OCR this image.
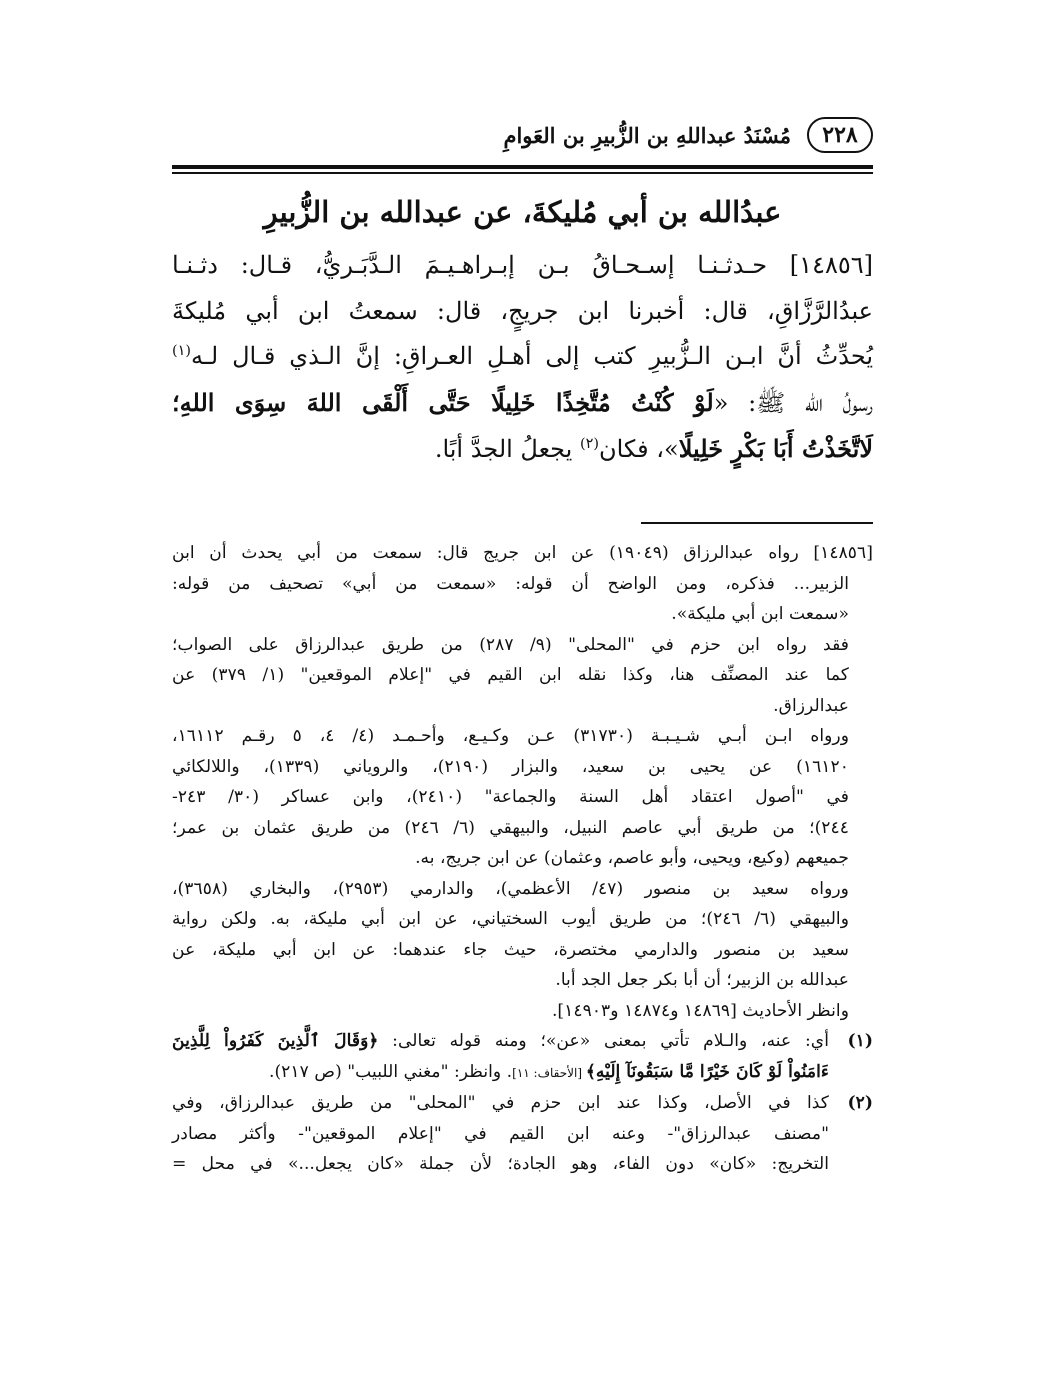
٢٢٨
مُسْنَدُ عبداللهِ بن الزُّبيرِ بن العَوامِ
عبدُالله بن أبي مُليكةَ، عن عبدالله بن الزُّبيرِ
[١٤٨٥٦] حـدثـنـا إسـحـاقُ بـن إبـراهـيـمَ الـدَّبَـريُّ، قـال: دثـنـا
عبدُالرَّزَّاقِ، قال: أخبرنا ابن جريجٍ، قال: سمعتُ ابن أبي مُليكةَ
يُحدِّثُ أنَّ ابـن الـزُّبيرِ كتب إلى أهـلِ العـراقِ: إنَّ الـذي قـال لـه$^{(١)}$
رسولُ الله ﷺ: «لَوْ كُنْتُ مُتَّخِذًا خَلِيلًا حَتَّى أَلْقَى اللهَ سِوَى اللهِ؛
لَاتَّخَذْتُ أَبَا بَكْرٍ خَلِيلًا»، فكان$^{(٢)}$ يجعلُ الجدَّ أبًا.
[١٤٨٥٦] رواه عبدالرزاق (١٩٠٤٩) عن ابن جريج قال: سمعت من أبي يحدث أن ابن
الزبير... فذكره، ومن الواضح أن قوله: «سمعت من أبي» تصحيف من قوله:
«سمعت ابن أبي مليكة».
فقد رواه ابن حزم في "المحلى" (٩/ ٢٨٧) من طريق عبدالرزاق على الصواب؛
كما عند المصنِّف هنا، وكذا نقله ابن القيم في "إعلام الموقعين" (١/ ٣٧٩) عن
عبدالرزاق.
ورواه ابـن أبـي شـيـبـة (٣١٧٣٠) عـن وكـيـع، وأحـمـد (٤/ ٤، ٥ رقـم ١٦١١٢،
١٦١٢٠) عن يحيى بن سعيد، والبزار (٢١٩٠)، والروياني (١٣٣٩)، واللالكائي
في "أصول اعتقاد أهل السنة والجماعة" (٢٤١٠)، وابن عساكر (٣٠/ ٢٤٣-
٢٤٤)؛ من طريق أبي عاصم النبيل، والبيهقي (٦/ ٢٤٦) من طريق عثمان بن عمر؛
جميعهم (وكيع، ويحيى، وأبو عاصم، وعثمان) عن ابن جريج، به.
ورواه سعيد بن منصور (٤٧/ الأعظمي)، والدارمي (٢٩٥٣)، والبخاري (٣٦٥٨)،
والبيهقي (٦/ ٢٤٦)؛ من طريق أيوب السختياني، عن ابن أبي مليكة، به. ولكن رواية
سعيد بن منصور والدارمي مختصرة، حيث جاء عندهما: عن ابن أبي مليكة، عن
عبدالله بن الزبير؛ أن أبا بكر جعل الجد أبا.
وانظر الأحاديث [١٤٨٦٩ و١٤٨٧٤ و١٤٩٠٣].
(١)
أي: عنه، والـلام تأتي بمعنى «عن»؛ ومنه قوله تعالى: ﴿وَقَالَ ٱلَّذِينَ كَفَرُواْ لِلَّذِينَ
ءَامَنُواْ لَوْ كَانَ خَيْرًا مَّا سَبَقُونَآ إِلَيْهِ﴾ [الأحقاف: ١١]. وانظر: "مغني اللبيب" (ص ٢١٧).
(٢)
كذا في الأصل، وكذا عند ابن حزم في "المحلى" من طريق عبدالرزاق، وفي
"مصنف عبدالرزاق"- وعنه ابن القيم في "إعلام الموقعين"- وأكثر مصادر
التخريج: «كان» دون الفاء، وهو الجادة؛ لأن جملة «كان يجعل...» في محل =
